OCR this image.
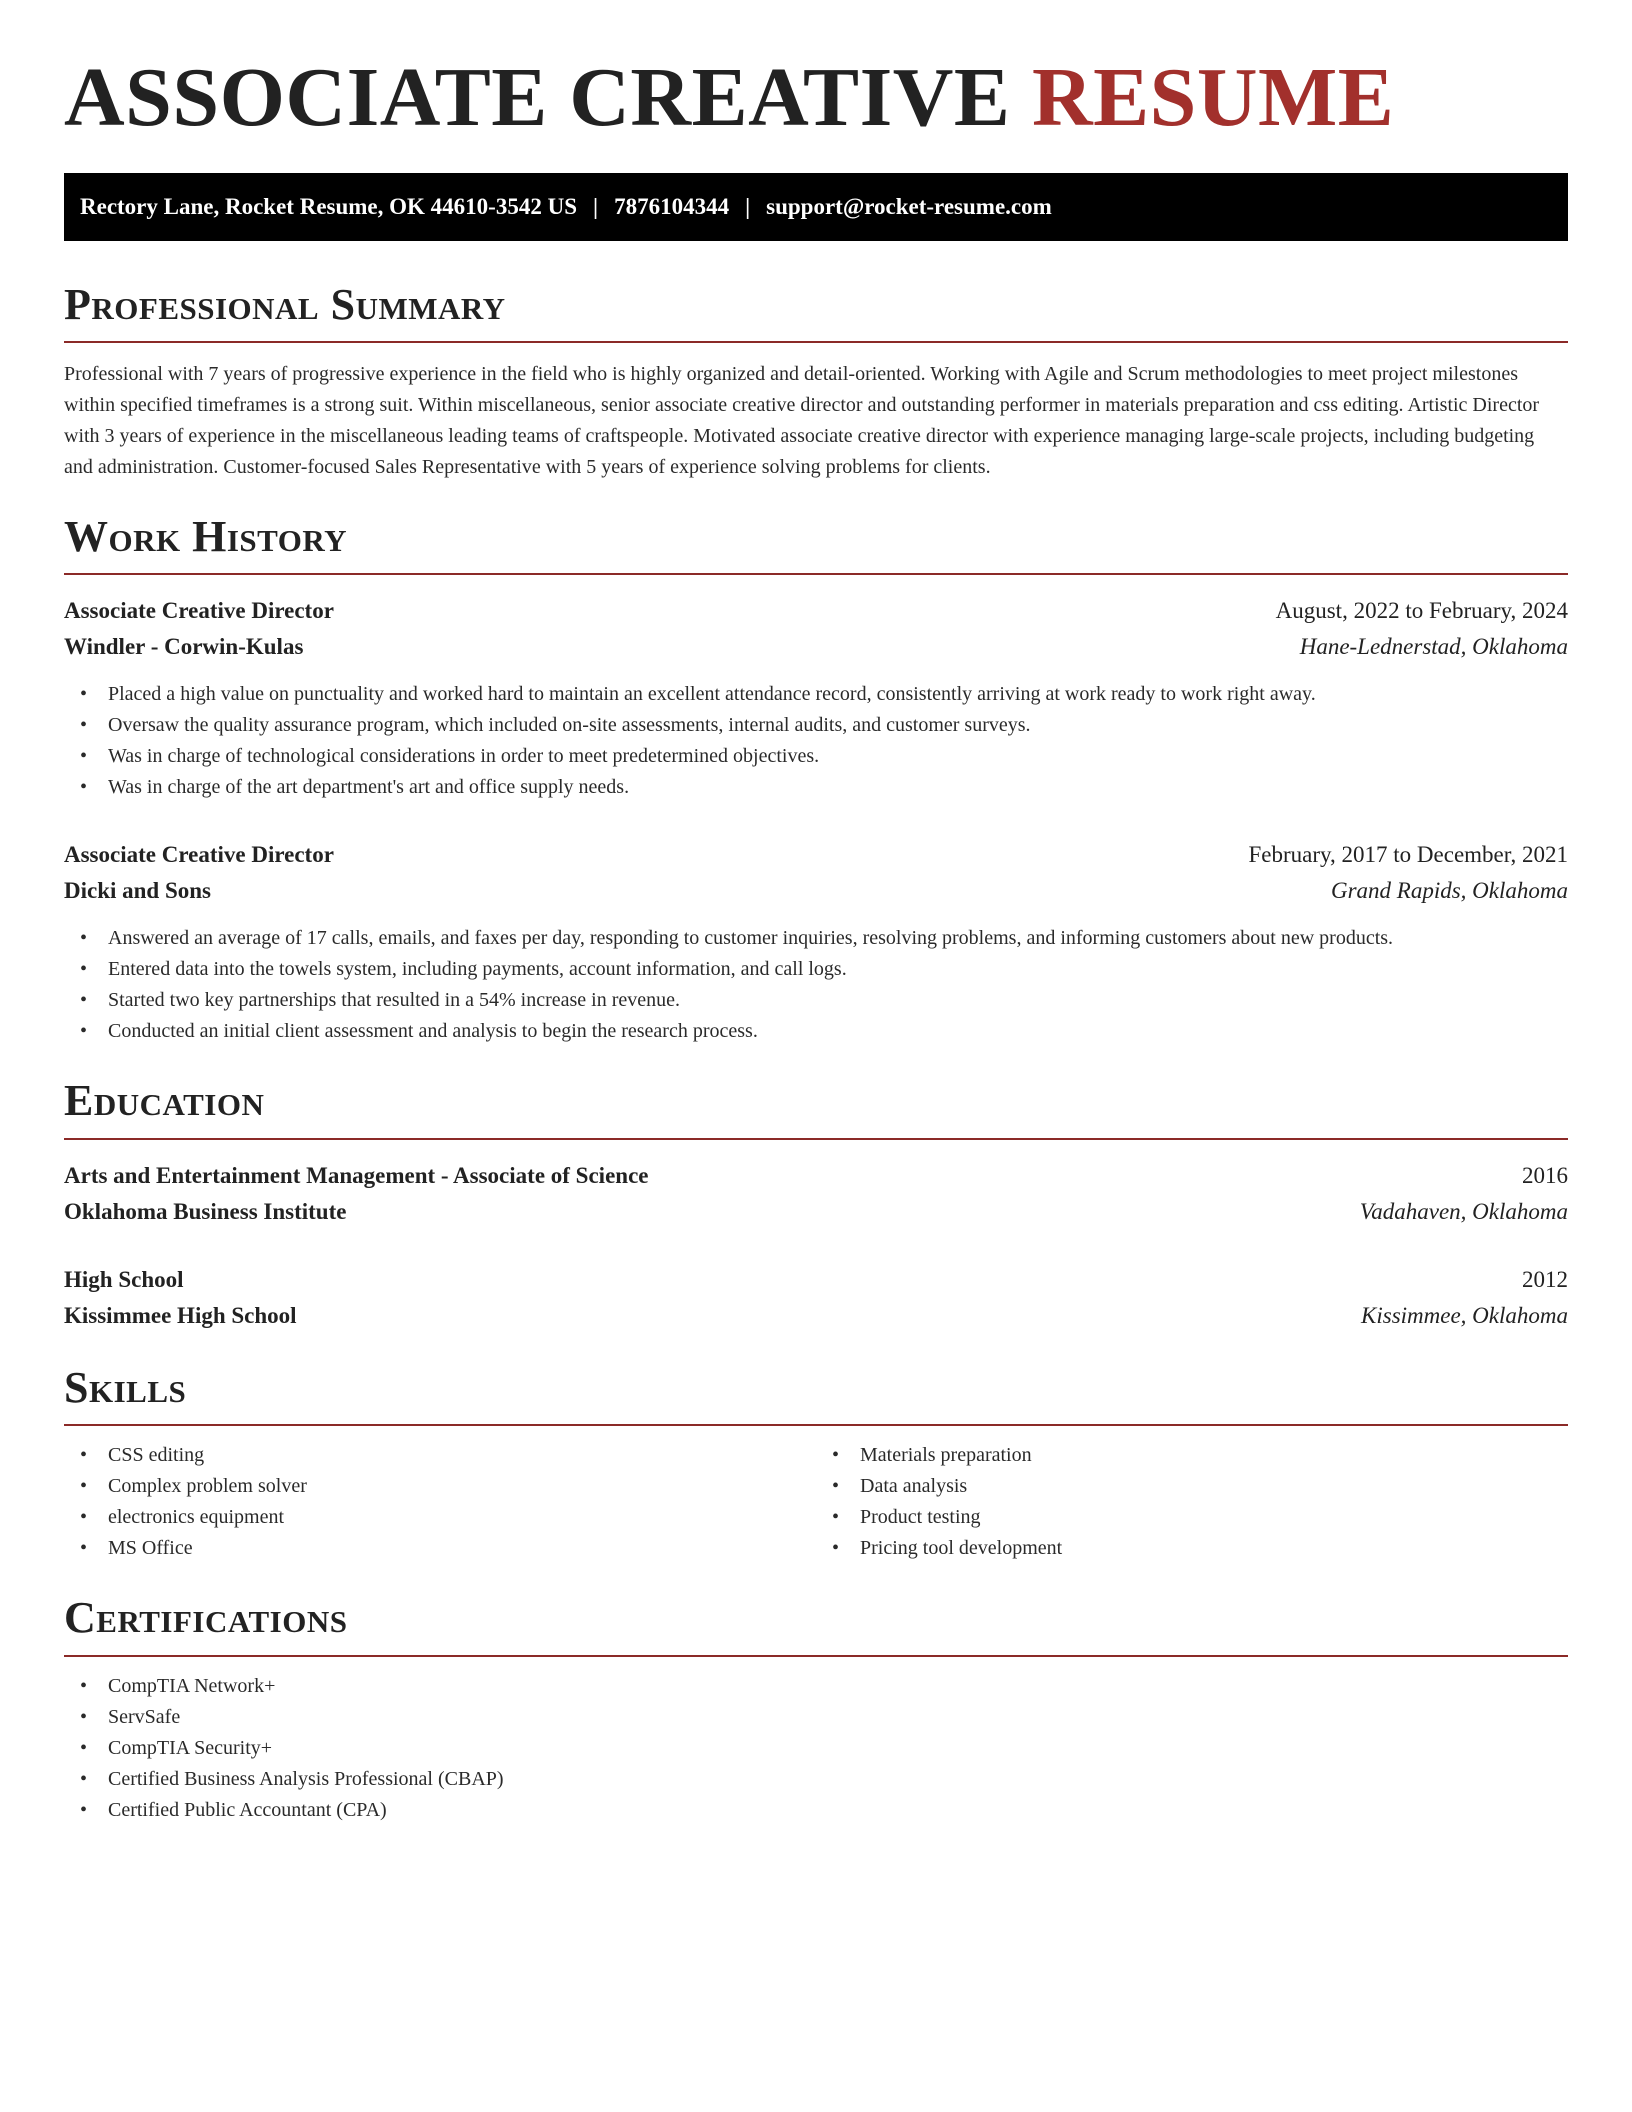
ASSOCIATE CREATIVE RESUME
Rectory Lane, Rocket Resume, OK 44610-3542 US | 7876104344 | support@rocket-resume.com
Professional Summary

Professional with 7 years of progressive experience in the field who is highly organized and detail-oriented. Working with Agile and Scrum methodologies to meet project milestones within specified timeframes is a strong suit. Within miscellaneous, senior associate creative director and outstanding performer in materials preparation and css editing. Artistic Director with 3 years of experience in the miscellaneous leading teams of craftspeople. Motivated associate creative director with experience managing large-scale projects, including budgeting and administration. Customer-focused Sales Representative with 5 years of experience solving problems for clients.

Work History
Associate Creative Director	August, 2022 to February, 2024
Windler - Corwin-Kulas	Hane-Lednerstad, Oklahoma
• Placed a high value on punctuality and worked hard to maintain an excellent attendance record, consistently arriving at work ready to work right away.
• Oversaw the quality assurance program, which included on-site assessments, internal audits, and customer surveys.
• Was in charge of technological considerations in order to meet predetermined objectives.
• Was in charge of the art department's art and office supply needs.
Associate Creative Director	February, 2017 to December, 2021
Dicki and Sons	Grand Rapids, Oklahoma
• Answered an average of 17 calls, emails, and faxes per day, responding to customer inquiries, resolving problems, and informing customers about new products.
• Entered data into the towels system, including payments, account information, and call logs.
• Started two key partnerships that resulted in a 54% increase in revenue.
• Conducted an initial client assessment and analysis to begin the research process.
Education
Arts and Entertainment Management - Associate of Science	2016
Oklahoma Business Institute	Vadahaven, Oklahoma
High School	2012
Kissimmee High School	Kissimmee, Oklahoma
Skills
• CSS editing
• Complex problem solver
• electronics equipment
• MS Office
• Materials preparation
• Data analysis
• Product testing
• Pricing tool development
Certifications
• CompTIA Network+
• ServSafe
• CompTIA Security+
• Certified Business Analysis Professional (CBAP)
• Certified Public Accountant (CPA)
